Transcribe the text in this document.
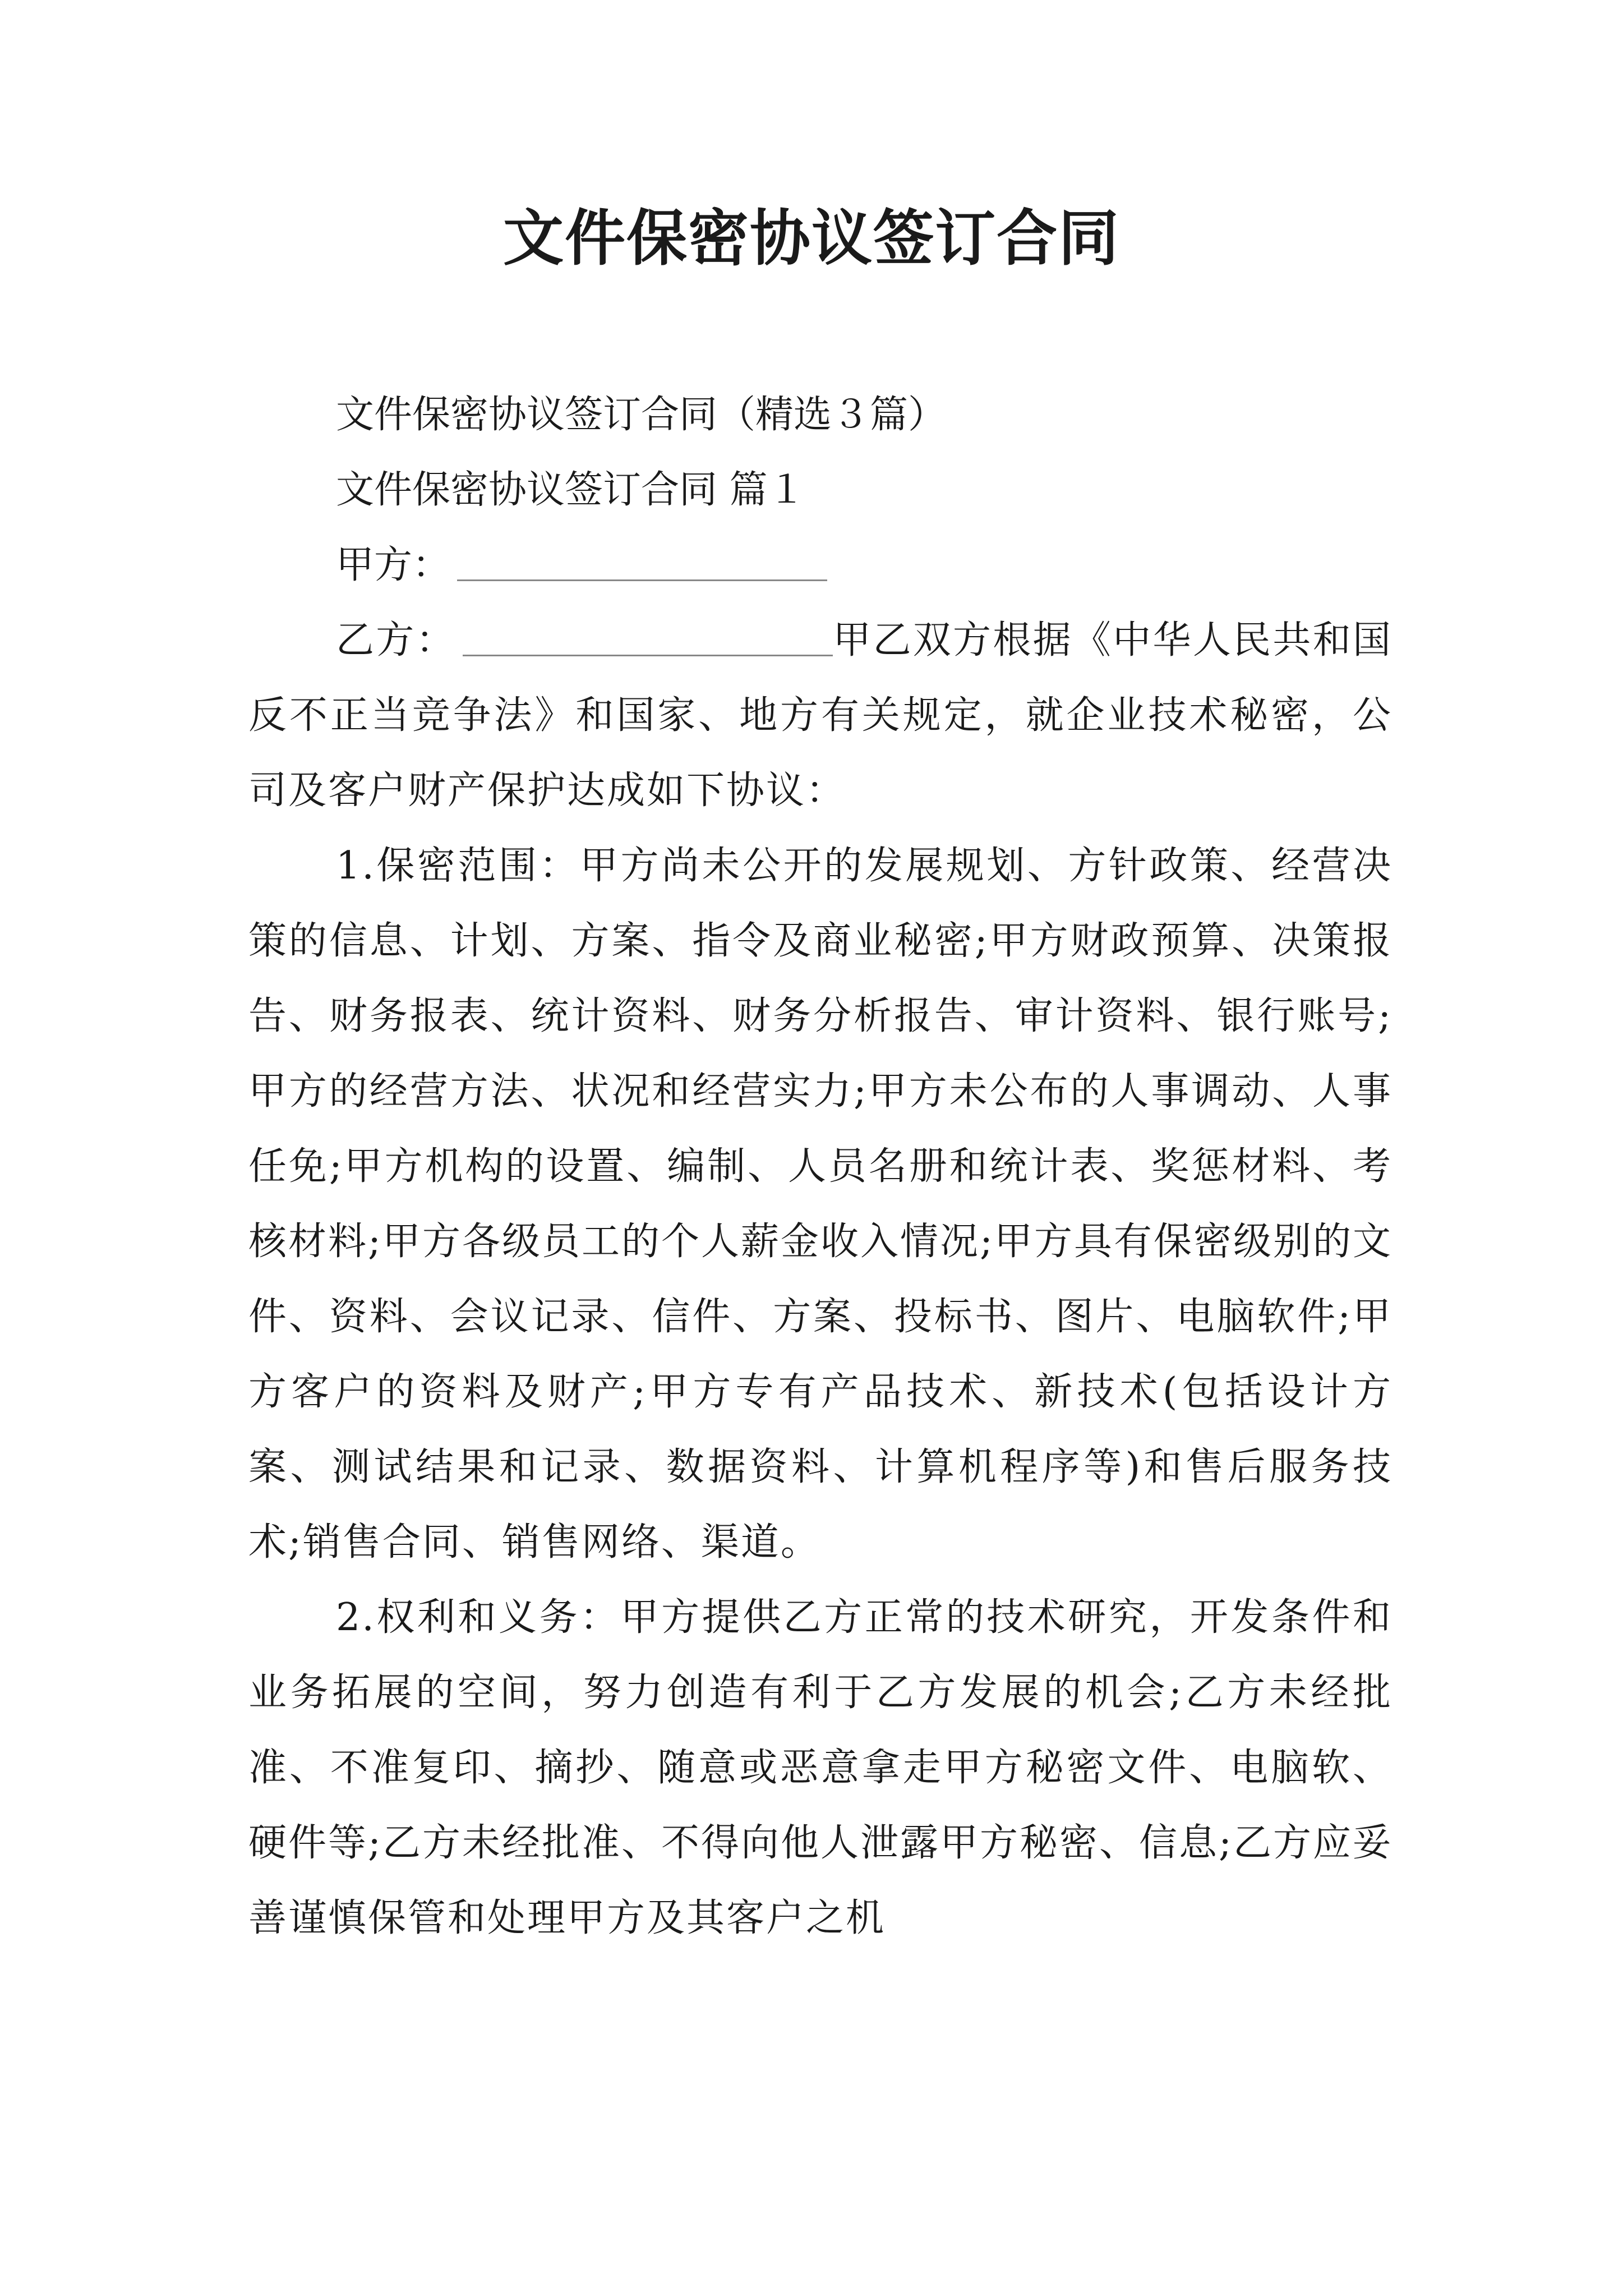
文件保密协议签订合同

文件保密协议签订合同（精选３篇）

文件保密协议签订合同 篇１

甲方：

乙方：	甲乙双方根据《中华人民共和国反不正当竞争法》和国家、地方有关规定，就企业技术秘密，公司及客户财产保护达成如下协议：

1.保密范围：甲方尚未公开的发展规划、方针政策、经营决策的信息、计划、方案、指令及商业秘密;甲方财政预算、决策报告、财务报表、统计资料、财务分析报告、审计资料、银行账号;甲方的经营方法、状况和经营实力;甲方未公布的人事调动、人事任免;甲方机构的设置、编制、人员名册和统计表、奖惩材料、考核材料;甲方各级员工的个人薪金收入情况;甲方具有保密级别的文件、资料、会议记录、信件、方案、投标书、图片、电脑软件;甲方客户的资料及财产;甲方专有产品技术、新技术(包括设计方案、测试结果和记录、数据资料、计算机程序等)和售后服务技术;销售合同、销售网络、渠道。

2.权利和义务：甲方提供乙方正常的技术研究，开发条件和业务拓展的空间，努力创造有利于乙方发展的机会;乙方未经批准、不准复印、摘抄、随意或恶意拿走甲方秘密文件、电脑软、硬件等;乙方未经批准、不得向他人泄露甲方秘密、信息;乙方应妥善谨慎保管和处理甲方及其客户之机
